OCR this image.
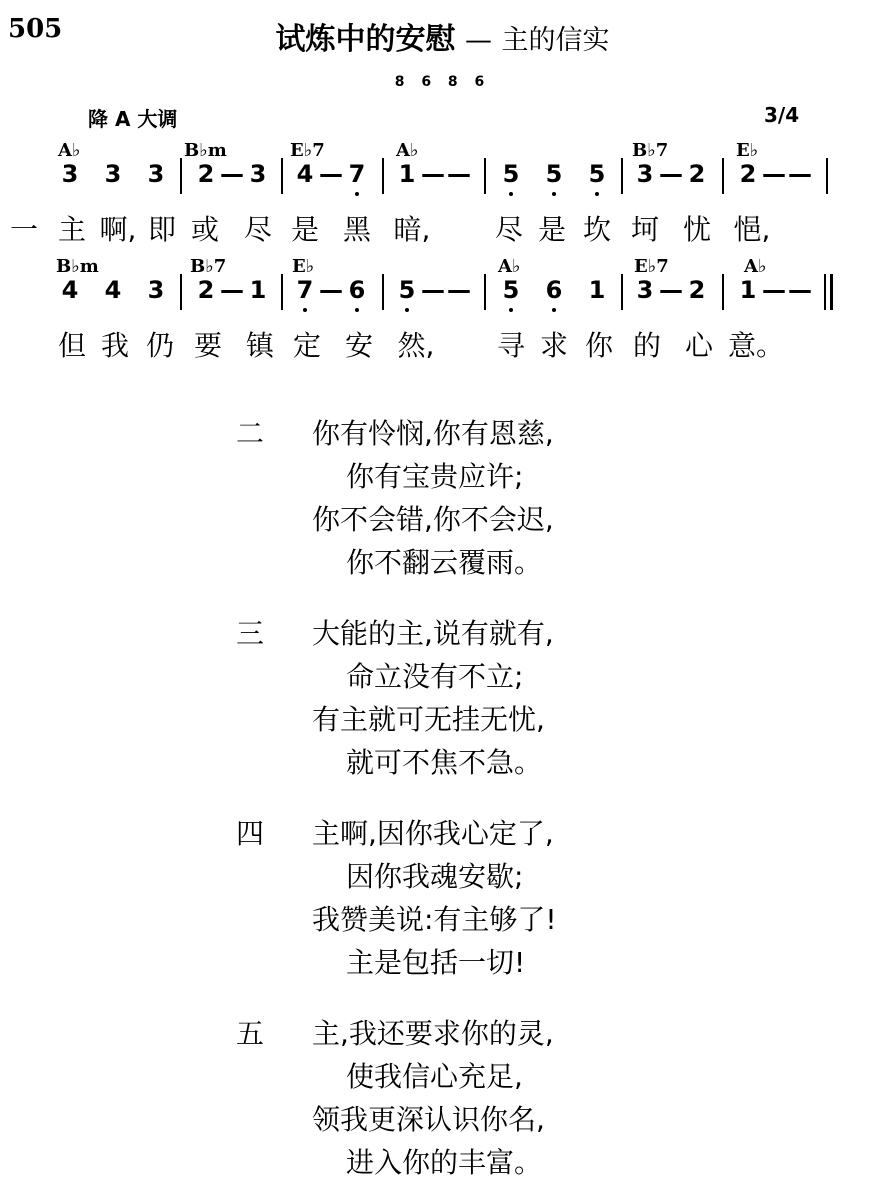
505	试炼中的安慰 — 主的信实
8 6 8 6
降 A 大调	3/4
A♭	B♭m	E♭7	A♭	B♭7	E♭
3 3 3 2 — 3 4 — 7 1 — — 5 5 5 3 — 2 2 — —
一 主 啊, 即 或 尽 是 黑 暗, 尽 是 坎 坷 忧 悒,
B♭m	B♭7	E♭	A♭	E♭7	A♭
4 4 3 2 — 1 7 — 6 5 — — 5 6 1 3 — 2 1 — —
但 我 仍 要 镇 定 安 然, 寻 求 你 的 心 意。
二 你有怜悯,你有恩慈,
你有宝贵应许;
你不会错,你不会迟,
你不翻云覆雨。
三 大能的主,说有就有,
命立没有不立;
有主就可无挂无忧,
就可不焦不急。
四 主啊,因你我心定了,
因你我魂安歇;
我赞美说:有主够了!
主是包括一切!
五 主,我还要求你的灵,
使我信心充足,
领我更深认识你名,
进入你的丰富。
